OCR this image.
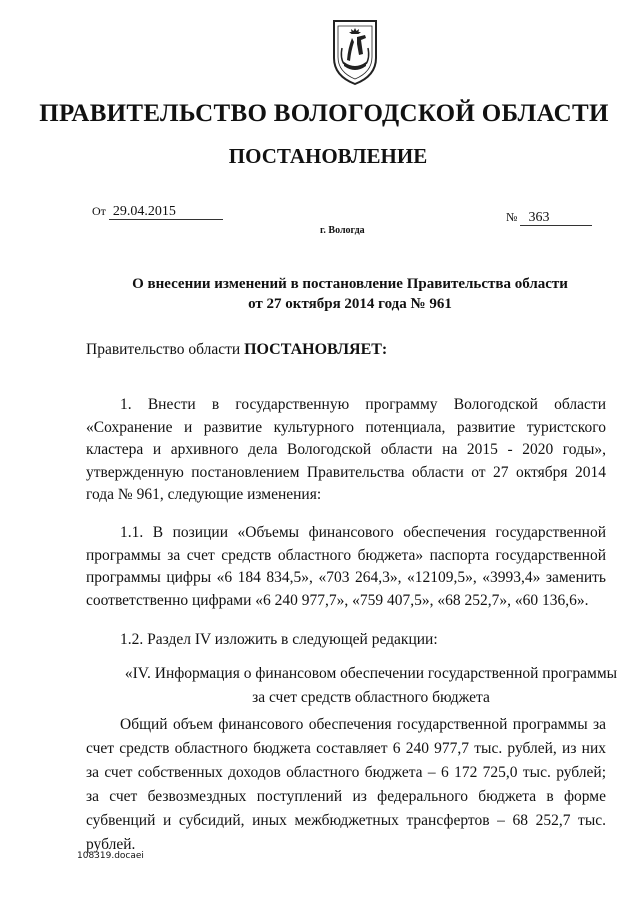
ПРАВИТЕЛЬСТВО ВОЛОГОДСКОЙ ОБЛАСТИ
ПОСТАНОВЛЕНИЕ
От 29.04.2015	№ 363
г. Вологда
О внесении изменений в постановление Правительства области
от 27 октября 2014 года № 961
Правительство области ПОСТАНОВЛЯЕТ:

1. Внести в государственную программу Вологодской области «Сохранение и развитие культурного потенциала, развитие туристского кластера и архивного дела Вологодской области на 2015 - 2020 годы», утвержденную постановлением Правительства области от 27 октября 2014 года № 961, следующие изменения:

1.1. В позиции «Объемы финансового обеспечения государственной программы за счет средств областного бюджета» паспорта государственной программы цифры «6 184 834,5», «703 264,3», «12109,5», «3993,4» заменить соответственно цифрами «6 240 977,7», «759 407,5», «68 252,7», «60 136,6».

1.2. Раздел IV изложить в следующей редакции:

«IV. Информация о финансовом обеспечении государственной программы
за счет средств областного бюджета

Общий объем финансового обеспечения государственной программы за счет средств областного бюджета составляет 6 240 977,7 тыс. рублей, из них за счет собственных доходов областного бюджета – 6 172 725,0 тыс. рублей; за счет безвозмездных поступлений из федерального бюджета в форме субвенций и субсидий, иных межбюджетных трансфертов – 68 252,7 тыс. рублей.

108319.docaei
